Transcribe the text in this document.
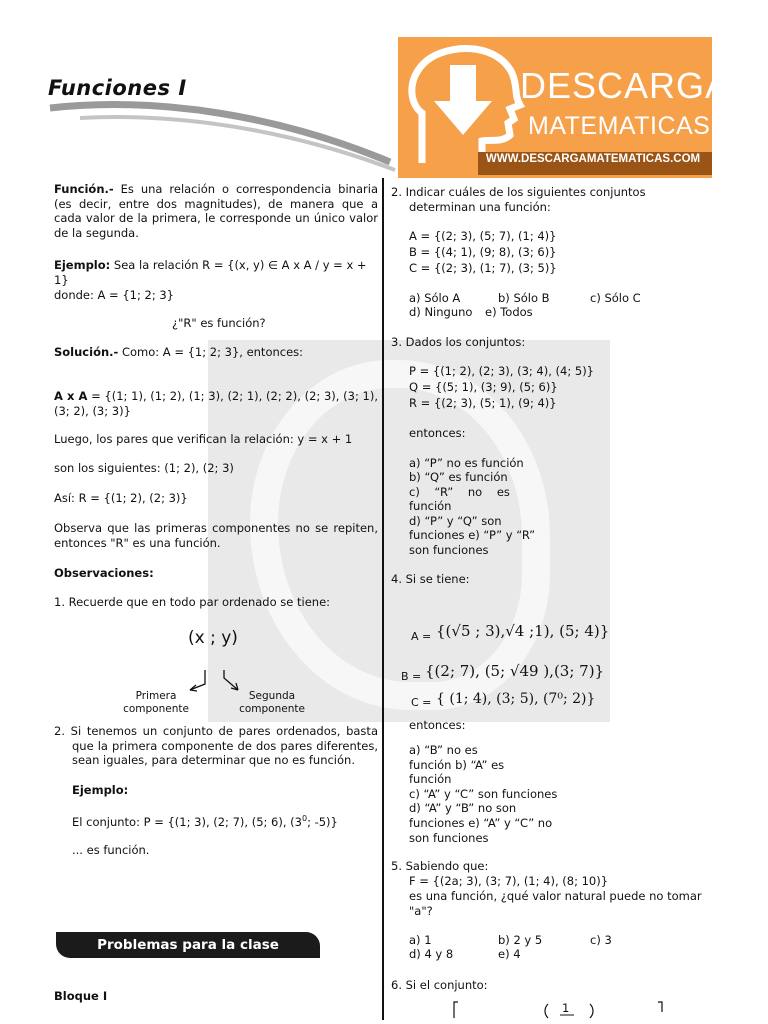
Funciones I	DESCARGA
MATEMATICAS
WWW.DESCARGAMATEMATICAS.COM
Función.- Es una relación o correspondencia binaria (es decir, entre dos magnitudes), de manera que a cada valor de la primera, le corresponde un único valor de la segunda.
Ejemplo: Sea la relación R = {(x, y) ∈ A x A / y = x + 1}
donde: A = {1; 2; 3}
¿"R" es función?
Solución.- Como: A = {1; 2; 3}, entonces:
A x A = {(1; 1), (1; 2), (1; 3), (2; 1), (2; 2), (2; 3), (3; 1), (3; 2), (3; 3)}
Luego, los pares que verifican la relación: y = x + 1
son los siguientes: (1; 2), (2; 3)
Así: R = {(1; 2), (2; 3)}
Observa que las primeras componentes no se repiten, entonces "R" es una función.
Observaciones:
1. Recuerde que en todo par ordenado se tiene:
(x ; y)
Primera
componente
Segunda
componente
2. Si tenemos un conjunto de pares ordenados, basta que la primera componente de dos pares diferentes, sean iguales, para determinar que no es función.
Ejemplo:
El conjunto: P = {(1; 3), (2; 7), (5; 6), ($3^0$; -5)}
... es función.
Problemas para la clase
Bloque I
2. Indicar cuáles de los siguientes conjuntos determinan una función:
A = {(2; 3), (5; 7), (1; 4)}
B = {(4; 1), (9; 8), (3; 6)}
C = {(2; 3), (1; 7), (3; 5)}
a) Sólo A	b) Sólo B	c) Sólo C
d) Ninguno e) Todos
3. Dados los conjuntos:
P = {(1; 2), (2; 3), (3; 4), (4; 5)}
Q = {(5; 1), (3; 9), (5; 6)}
R = {(2; 3), (5; 1), (9; 4)}
entonces:
a) “P” no es función
b) “Q” es función
c)    “R”    no    es
función
d) “P” y “Q” son
funciones e) “P” y “R”
son funciones
4. Si se tiene:
A = {(√5 ; 3),√4 ;1), (5; 4)}
B = {(2; 7), (5; √49 ),(3; 7)}
C = { (1; 4), (3; 5), (7⁰; 2)}
entonces:
a) “B” no es
función b) “A” es
función
c) “A” y “C” son funciones
d) “A” y “B” no son
funciones e) “A” y “C” no
son funciones
5. Sabiendo que:
F = {(2a; 3), (3; 7), (1; 4), (8; 10)}
es una función, ¿qué valor natural puede no tomar "a"?
a) 1	b) 2 y 5	c) 3
d) 4 y 8	e) 4
6. Si el conjunto:
1
